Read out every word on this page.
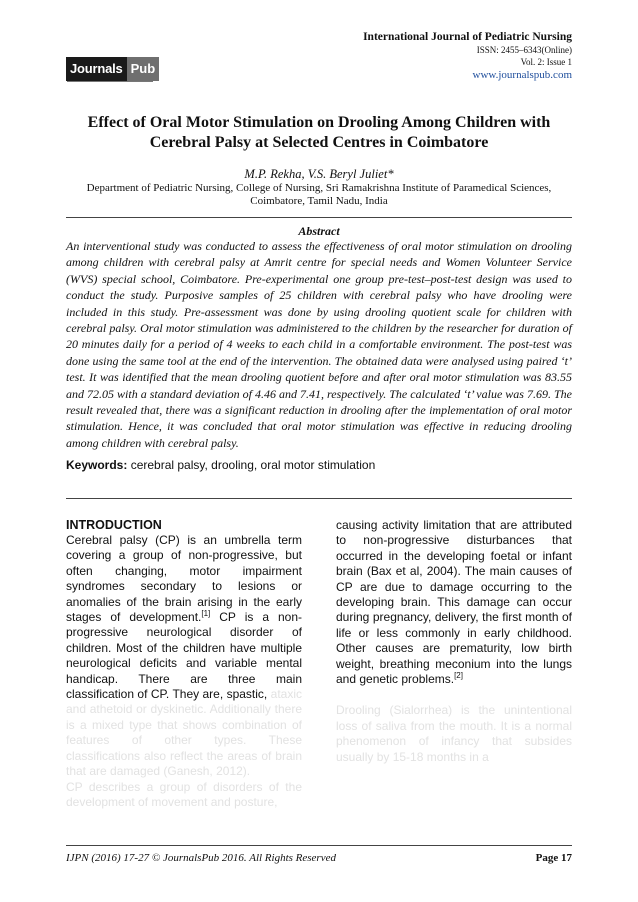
Journals Pub
International Journal of Pediatric Nursing
ISSN: 2455–6343(Online)
Vol. 2: Issue 1
www.journalspub.com
Effect of Oral Motor Stimulation on Drooling Among Children with Cerebral Palsy at Selected Centres in Coimbatore
M.P. Rekha, V.S. Beryl Juliet*
Department of Pediatric Nursing, College of Nursing, Sri Ramakrishna Institute of Paramedical Sciences, Coimbatore, Tamil Nadu, India
Abstract

An interventional study was conducted to assess the effectiveness of oral motor stimulation on drooling among children with cerebral palsy at Amrit centre for special needs and Women Volunteer Service (WVS) special school, Coimbatore. Pre-experimental one group pre-test–post-test design was used to conduct the study. Purposive samples of 25 children with cerebral palsy who have drooling were included in this study. Pre-assessment was done by using drooling quotient scale for children with cerebral palsy. Oral motor stimulation was administered to the children by the researcher for duration of 20 minutes daily for a period of 4 weeks to each child in a comfortable environment. The post-test was done using the same tool at the end of the intervention. The obtained data were analysed using paired ‘t’ test. It was identified that the mean drooling quotient before and after oral motor stimulation was 83.55 and 72.05 with a standard deviation of 4.46 and 7.41, respectively. The calculated ‘t’ value was 7.69. The result revealed that, there was a significant reduction in drooling after the implementation of oral motor stimulation. Hence, it was concluded that oral motor stimulation was effective in reducing drooling among children with cerebral palsy.

Keywords: cerebral palsy, drooling, oral motor stimulation
INTRODUCTION

Cerebral palsy (CP) is an umbrella term covering a group of non-progressive, but often changing, motor impairment syndromes secondary to lesions or anomalies of the brain arising in the early stages of development.[1] CP is a non-progressive neurological disorder of children. Most of the children have multiple neurological deficits and variable mental handicap. There are three main classification of CP. They are, spastic, ataxic and athetoid or dyskinetic. Additionally there is a mixed type that shows combination of features of other types. These classifications also reflect the areas of brain that are damaged (Ganesh, 2012).

CP describes a group of disorders of the development of movement and posture,

causing activity limitation that are attributed to non-progressive disturbances that occurred in the developing foetal or infant brain (Bax et al, 2004). The main causes of CP are due to damage occurring to the developing brain. This damage can occur during pregnancy, delivery, the first month of life or less commonly in early childhood. Other causes are prematurity, low birth weight, breathing meconium into the lungs and genetic problems.[2]

Drooling (Sialorrhea) is the unintentional loss of saliva from the mouth. It is a normal phenomenon of infancy that subsides usually by 15-18 months in a

IJPN (2016) 17-27 © JournalsPub 2016. All Rights Reserved	Page 17
